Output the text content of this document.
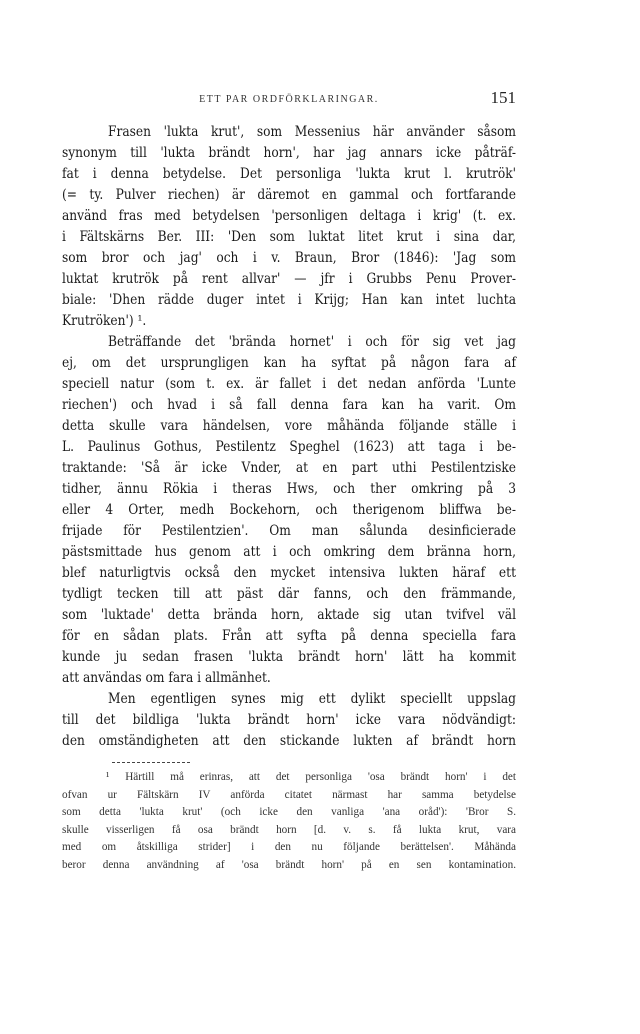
ETT PAR ORDFÖRKLARINGAR.	151
Frasen 'lukta krut', som Messenius här använder såsom
synonym till 'lukta brändt horn', har jag annars icke påträf-
fat i denna betydelse. Det personliga 'lukta krut l. krutrök'
(= ty. Pulver riechen) är däremot en gammal och fortfarande
använd fras med betydelsen 'personligen deltaga i krig' (t. ex.
i Fältskärns Ber. III: 'Den som luktat litet krut i sina dar,
som bror och jag' och i v. Braun, Bror (1846): 'Jag som
luktat krutrök på rent allvar' — jfr i Grubbs Penu Prover-
biale: 'Dhen rädde duger intet i Krijg; Han kan intet luchta
Krutröken') ¹.
Beträffande det 'brända hornet' i och för sig vet jag
ej, om det ursprungligen kan ha syftat på någon fara af
speciell natur (som t. ex. är fallet i det nedan anförda 'Lunte
riechen') och hvad i så fall denna fara kan ha varit. Om
detta skulle vara händelsen, vore måhända följande ställe i
L. Paulinus Gothus, Pestilentz Speghel (1623) att taga i be-
traktande: 'Så är icke Vnder, at en part uthi Pestilentziske
tidher, ännu Rökia i theras Hws, och ther omkring på 3
eller 4 Orter, medh Bockehorn, och therigenom bliffwa be-
frijade för Pestilentzien'. Om man sålunda desinficierade
pästsmittade hus genom att i och omkring dem bränna horn,
blef naturligtvis också den mycket intensiva lukten häraf ett
tydligt tecken till att päst där fanns, och den främmande,
som 'luktade' detta brända horn, aktade sig utan tvifvel väl
för en sådan plats. Från att syfta på denna speciella fara
kunde ju sedan frasen 'lukta brändt horn' lätt ha kommit
att användas om fara i allmänhet.
Men egentligen synes mig ett dylikt speciellt uppslag
till det bildliga 'lukta brändt horn' icke vara nödvändigt:
den omständigheten att den stickande lukten af brändt horn
¹ Härtill må erinras, att det personliga 'osa brändt horn' i det
ofvan ur Fältskärn IV anförda citatet närmast har samma betydelse
som detta 'lukta krut' (och icke den vanliga 'ana oråd'): 'Bror S.
skulle visserligen få osa brändt horn [d. v. s. få lukta krut, vara
med om åtskilliga strider] i den nu följande berättelsen'. Måhända
beror denna användning af 'osa brändt horn' på en sen kontamination.
